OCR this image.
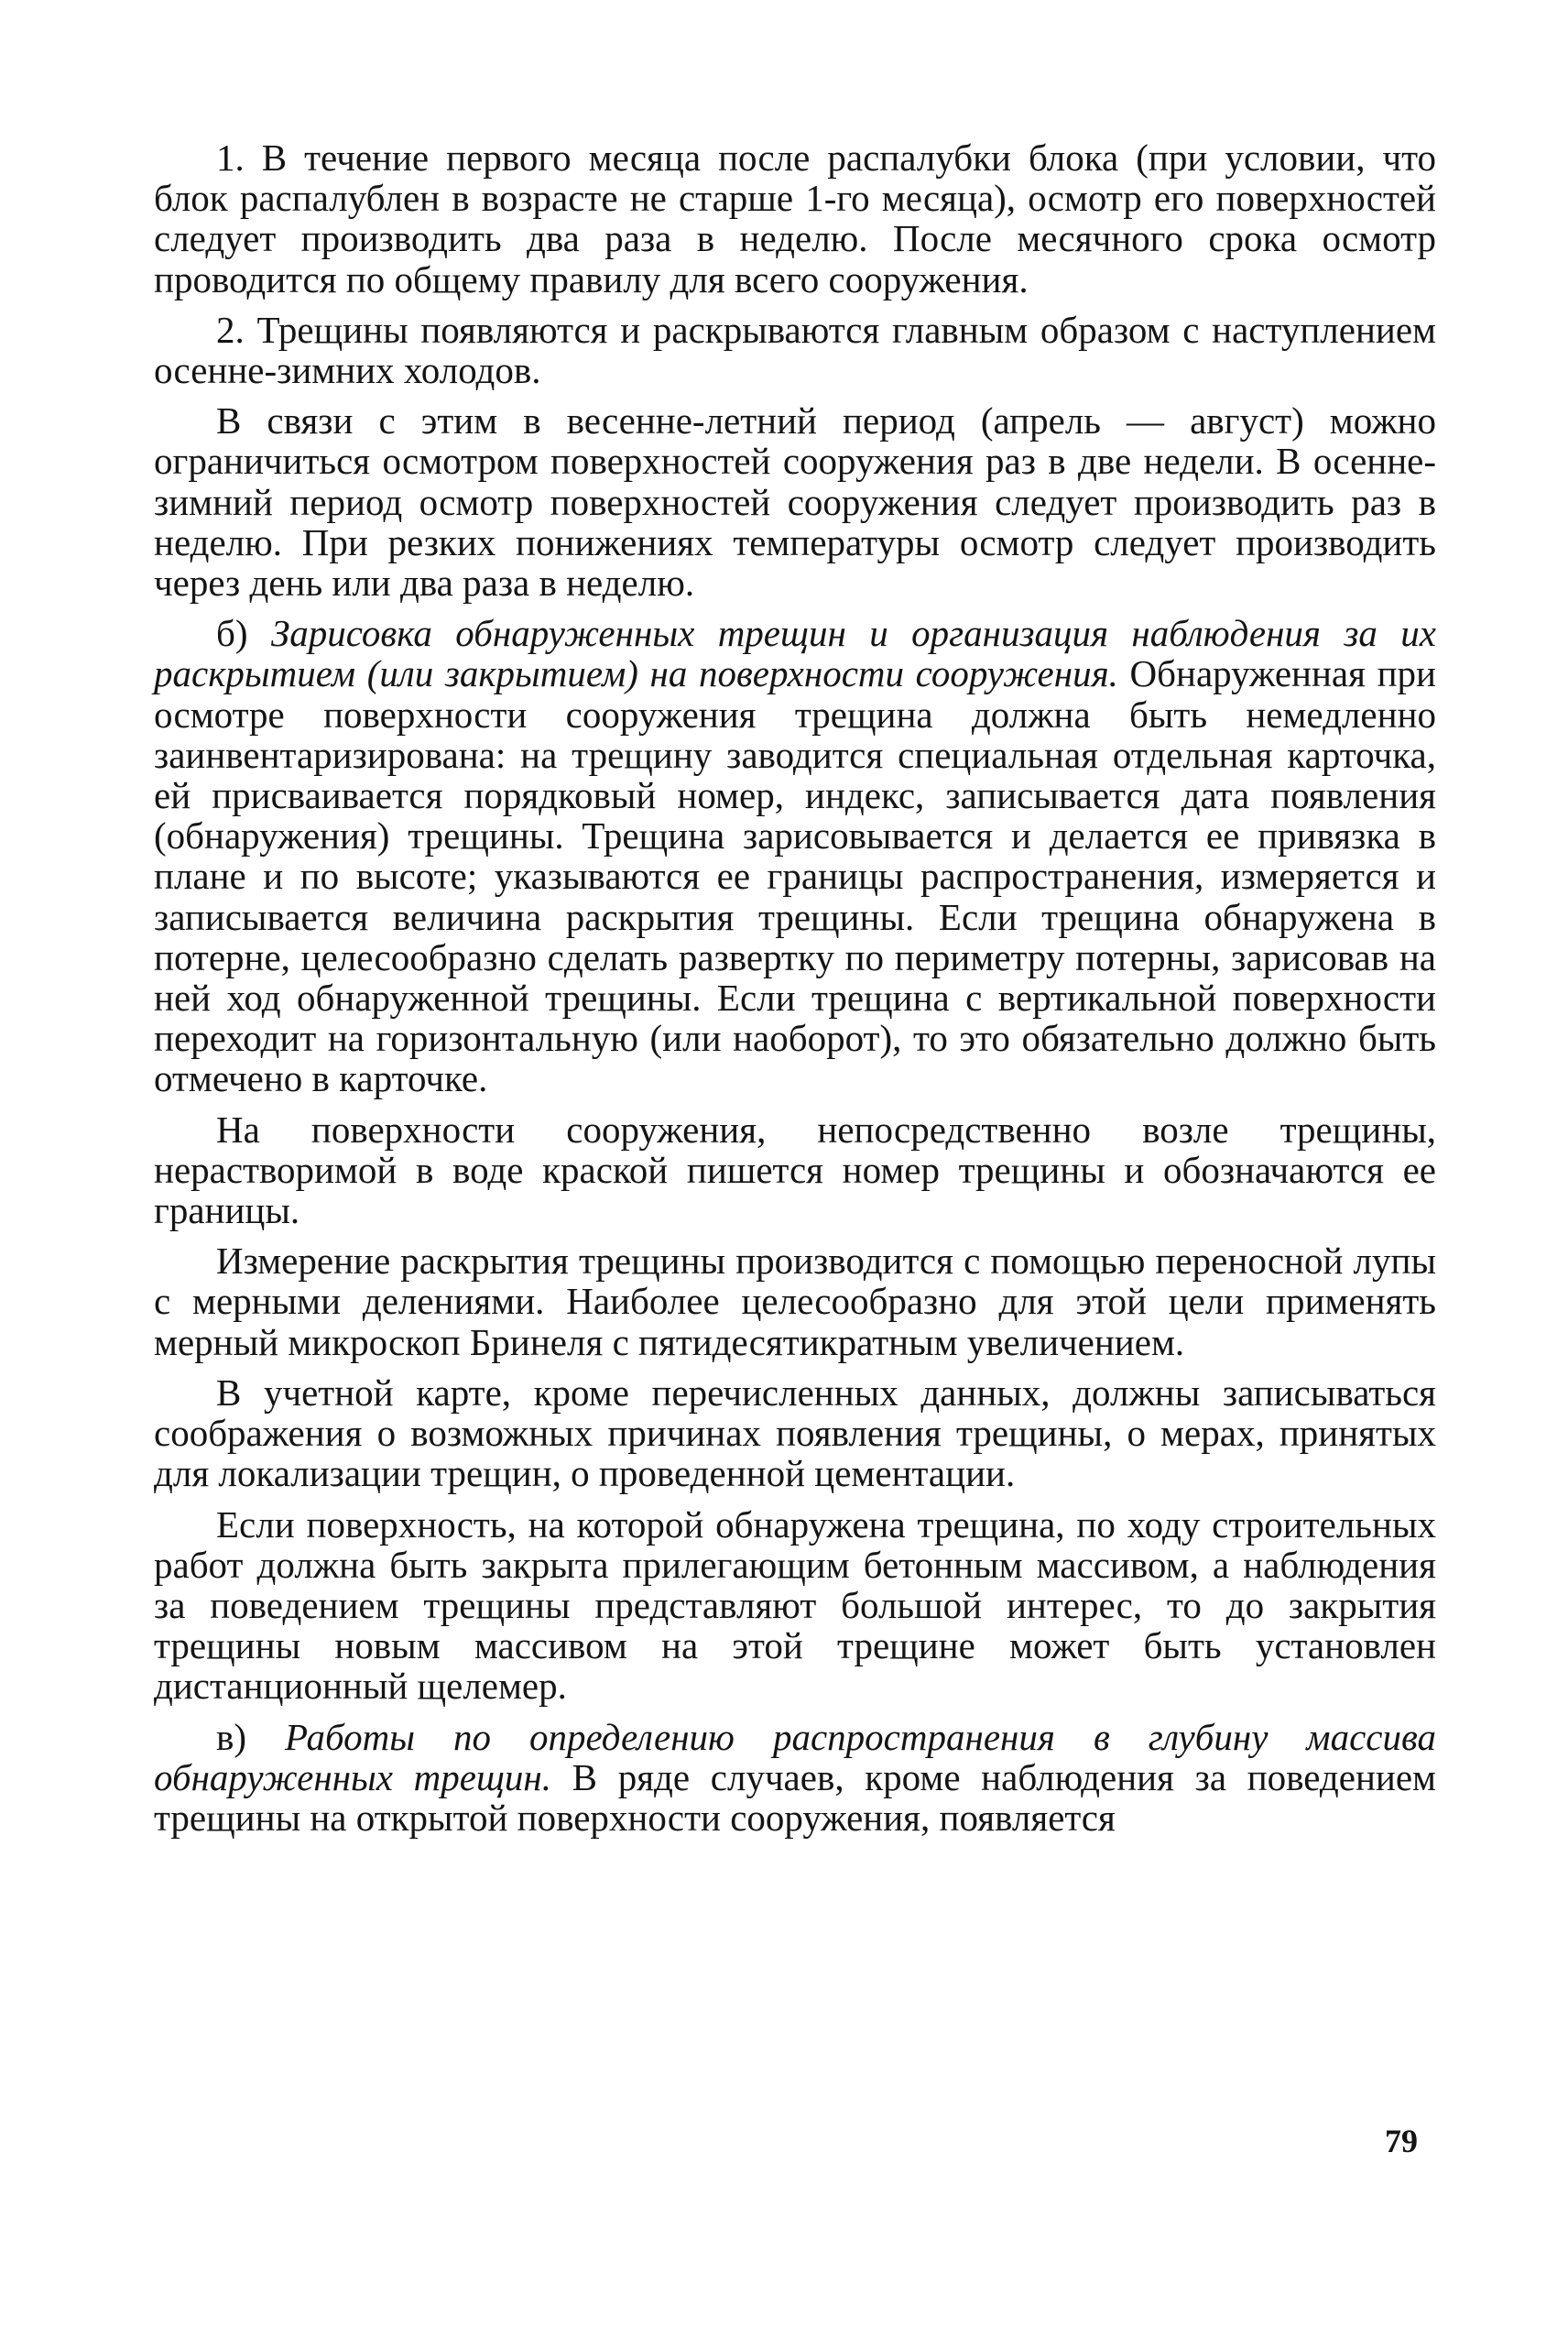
1. В течение первого месяца после распалубки блока (при условии, что блок распалублен в возрасте не старше 1-го месяца), осмотр его поверхностей следует производить два раза в неделю. После месячного срока осмотр проводится по общему правилу для всего сооружения.

2. Трещины появляются и раскрываются главным образом с наступлением осенне-зимних холодов.

В связи с этим в весенне-летний период (апрель — август) можно ограничиться осмотром поверхностей сооружения раз в две недели. В осенне-зимний период осмотр поверхностей сооружения следует производить раз в неделю. При резких понижениях температуры осмотр следует производить через день или два раза в неделю.

б) Зарисовка обнаруженных трещин и организация наблюдения за их раскрытием (или закрытием) на поверхности сооружения. Обнаруженная при осмотре поверхности сооружения трещина должна быть немедленно заинвентаризирована: на трещину заводится специальная отдельная карточка, ей присваивается порядковый номер, индекс, записывается дата появления (обнаружения) трещины. Трещина зарисовывается и делается ее привязка в плане и по высоте; указываются ее границы распространения, измеряется и записывается величина раскрытия трещины. Если трещина обнаружена в потерне, целесообразно сделать развертку по периметру потерны, зарисовав на ней ход обнаруженной трещины. Если трещина с вертикальной поверхности переходит на горизонтальную (или наоборот), то это обязательно должно быть отмечено в карточке.

На поверхности сооружения, непосредственно возле трещины, нерастворимой в воде краской пишется номер трещины и обозначаются ее границы.

Измерение раскрытия трещины производится с помощью переносной лупы с мерными делениями. Наиболее целесообразно для этой цели применять мерный микроскоп Бринеля с пятидесятикратным увеличением.

В учетной карте, кроме перечисленных данных, должны записываться соображения о возможных причинах появления трещины, о мерах, принятых для локализации трещин, о проведенной цементации.

Если поверхность, на которой обнаружена трещина, по ходу строительных работ должна быть закрыта прилегающим бетонным массивом, а наблюдения за поведением трещины представляют большой интерес, то до закрытия трещины новым массивом на этой трещине может быть установлен дистанционный щелемер.

в) Работы по определению распространения в глубину массива обнаруженных трещин. В ряде случаев, кроме наблюдения за поведением трещины на открытой поверхности сооружения, появляется

79
